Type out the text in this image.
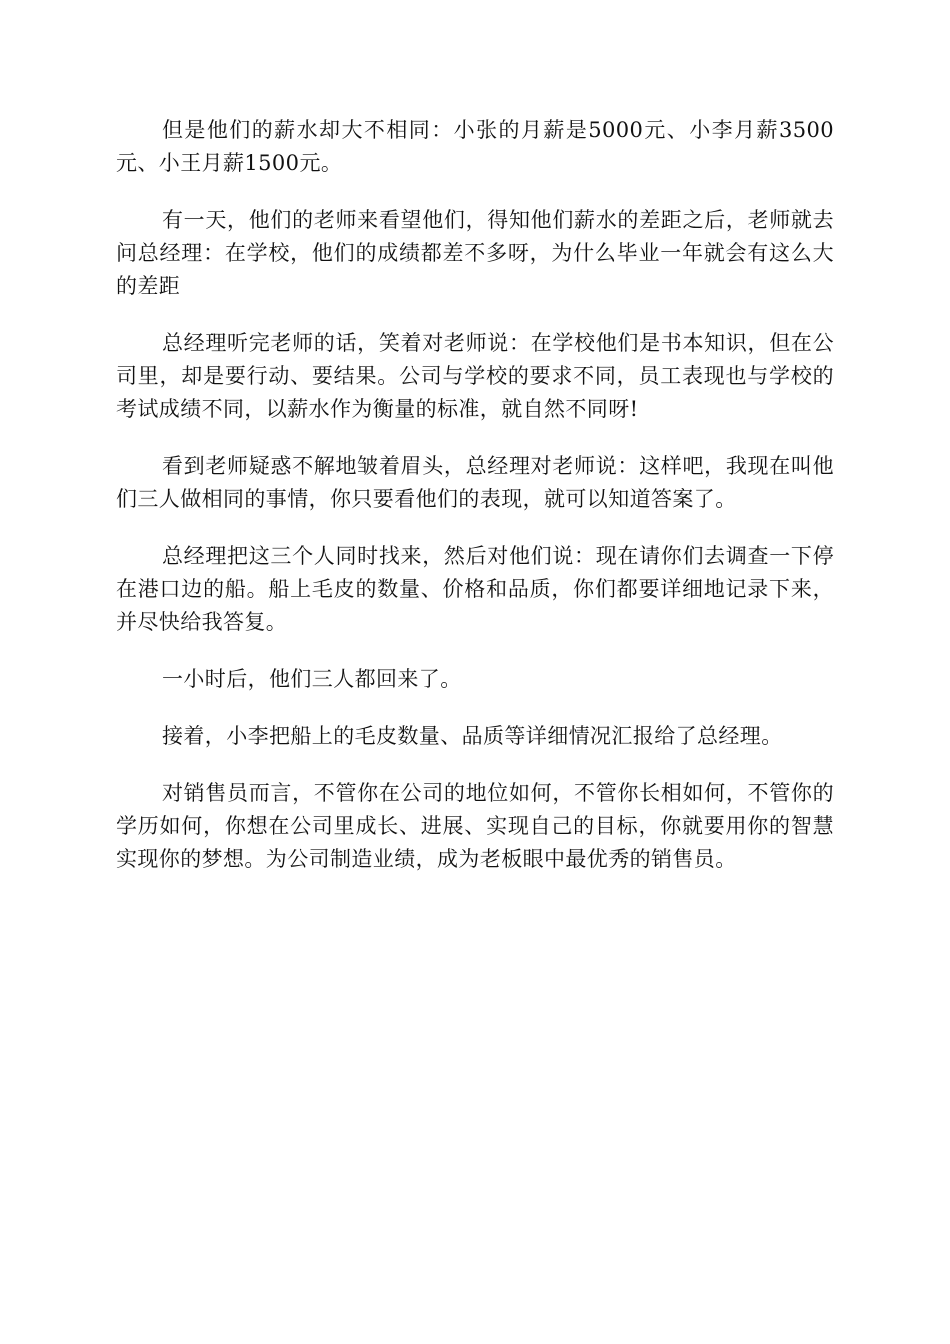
但是他们的薪水却大不相同：小张的月薪是5000元、小李月薪3500元、小王月薪1500元。

有一天，他们的老师来看望他们，得知他们薪水的差距之后，老师就去问总经理：在学校，他们的成绩都差不多呀，为什么毕业一年就会有这么大的差距

总经理听完老师的话，笑着对老师说：在学校他们是书本知识，但在公司里，却是要行动、要结果。公司与学校的要求不同，员工表现也与学校的考试成绩不同，以薪水作为衡量的标准，就自然不同呀!

看到老师疑惑不解地皱着眉头，总经理对老师说：这样吧，我现在叫他们三人做相同的事情，你只要看他们的表现，就可以知道答案了。

总经理把这三个人同时找来，然后对他们说：现在请你们去调查一下停在港口边的船。船上毛皮的数量、价格和品质，你们都要详细地记录下来，并尽快给我答复。

一小时后，他们三人都回来了。

接着，小李把船上的毛皮数量、品质等详细情况汇报给了总经理。

对销售员而言，不管你在公司的地位如何，不管你长相如何，不管你的学历如何，你想在公司里成长、进展、实现自己的目标，你就要用你的智慧实现你的梦想。为公司制造业绩，成为老板眼中最优秀的销售员。
